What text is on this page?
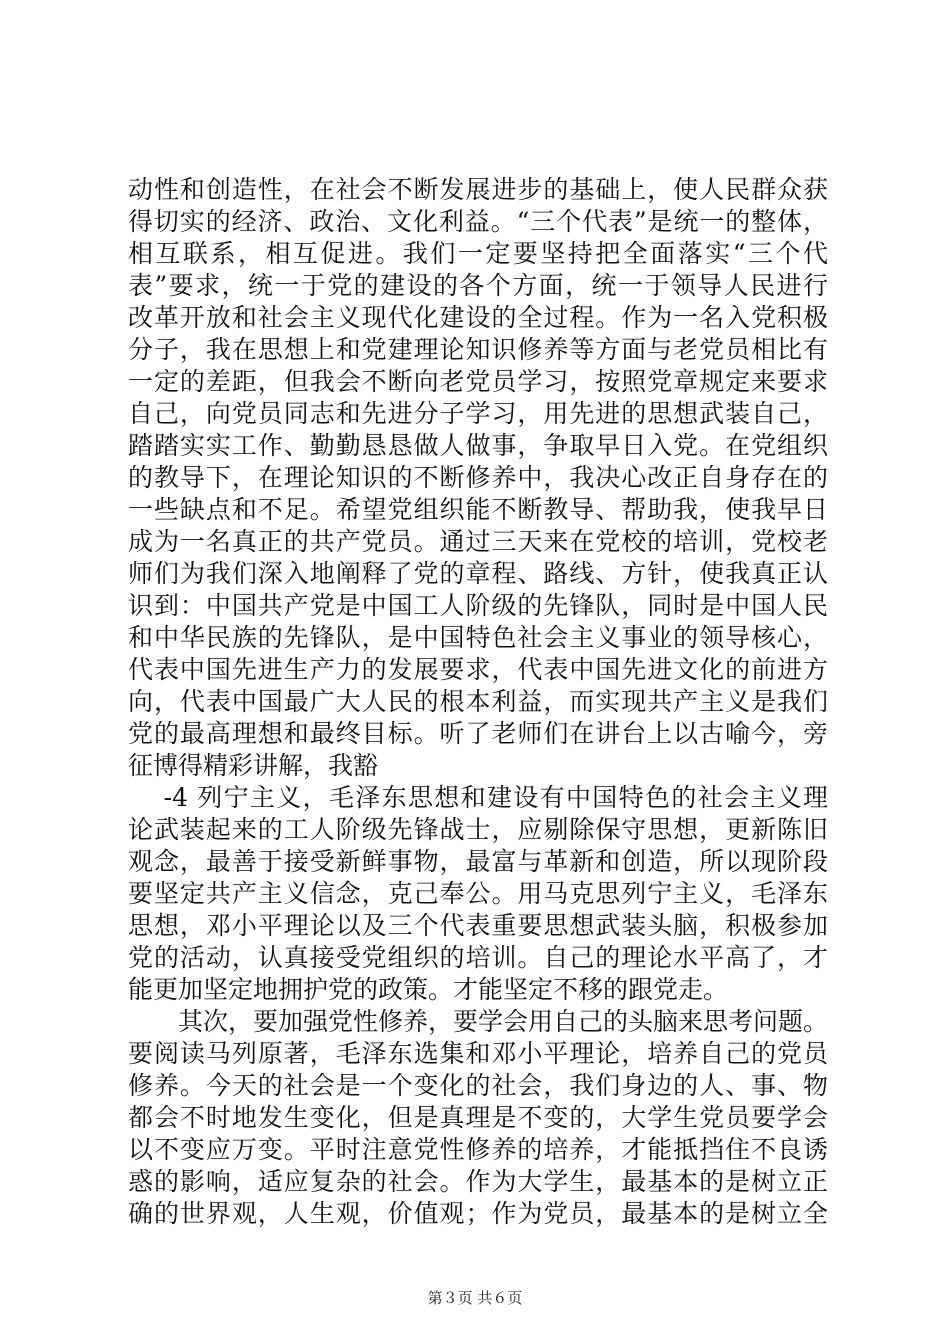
动性和创造性，在社会不断发展进步的基础上，使人民群众获
得切实的经济、政治、文化利益。“三个代表”是统一的整体，
相互联系，相互促进。我们一定要坚持把全面落实“三个代
表”要求，统一于党的建设的各个方面，统一于领导人民进行
改革开放和社会主义现代化建设的全过程。作为一名入党积极
分子，我在思想上和党建理论知识修养等方面与老党员相比有
一定的差距，但我会不断向老党员学习，按照党章规定来要求
自己，向党员同志和先进分子学习，用先进的思想武装自己，
踏踏实实工作、勤勤恳恳做人做事，争取早日入党。在党组织
的教导下，在理论知识的不断修养中，我决心改正自身存在的
一些缺点和不足。希望党组织能不断教导、帮助我，使我早日
成为一名真正的共产党员。通过三天来在党校的培训，党校老
师们为我们深入地阐释了党的章程、路线、方针，使我真正认
识到：中国共产党是中国工人阶级的先锋队，同时是中国人民
和中华民族的先锋队，是中国特色社会主义事业的领导核心，
代表中国先进生产力的发展要求，代表中国先进文化的前进方
向，代表中国最广大人民的根本利益，而实现共产主义是我们
党的最高理想和最终目标。听了老师们在讲台上以古喻今，旁
征博得精彩讲解，我豁
　 -4 列宁主义，毛泽东思想和建设有中国特色的社会主义理
论武装起来的工人阶级先锋战士，应剔除保守思想，更新陈旧
观念，最善于接受新鲜事物，最富与革新和创造，所以现阶段
要坚定共产主义信念，克己奉公。用马克思列宁主义，毛泽东
思想，邓小平理论以及三个代表重要思想武装头脑，积极参加
党的活动，认真接受党组织的培训。自己的理论水平高了，才
能更加坚定地拥护党的政策。才能坚定不移的跟党走。
　　其次，要加强党性修养，要学会用自己的头脑来思考问题。
要阅读马列原著，毛泽东选集和邓小平理论，培养自己的党员
修养。今天的社会是一个变化的社会，我们身边的人、事、物
都会不时地发生变化，但是真理是不变的，大学生党员要学会
以不变应万变。平时注意党性修养的培养，才能抵挡住不良诱
惑的影响，适应复杂的社会。作为大学生，最基本的是树立正
确的世界观，人生观，价值观；作为党员，最基本的是树立全
第３页 共６页
